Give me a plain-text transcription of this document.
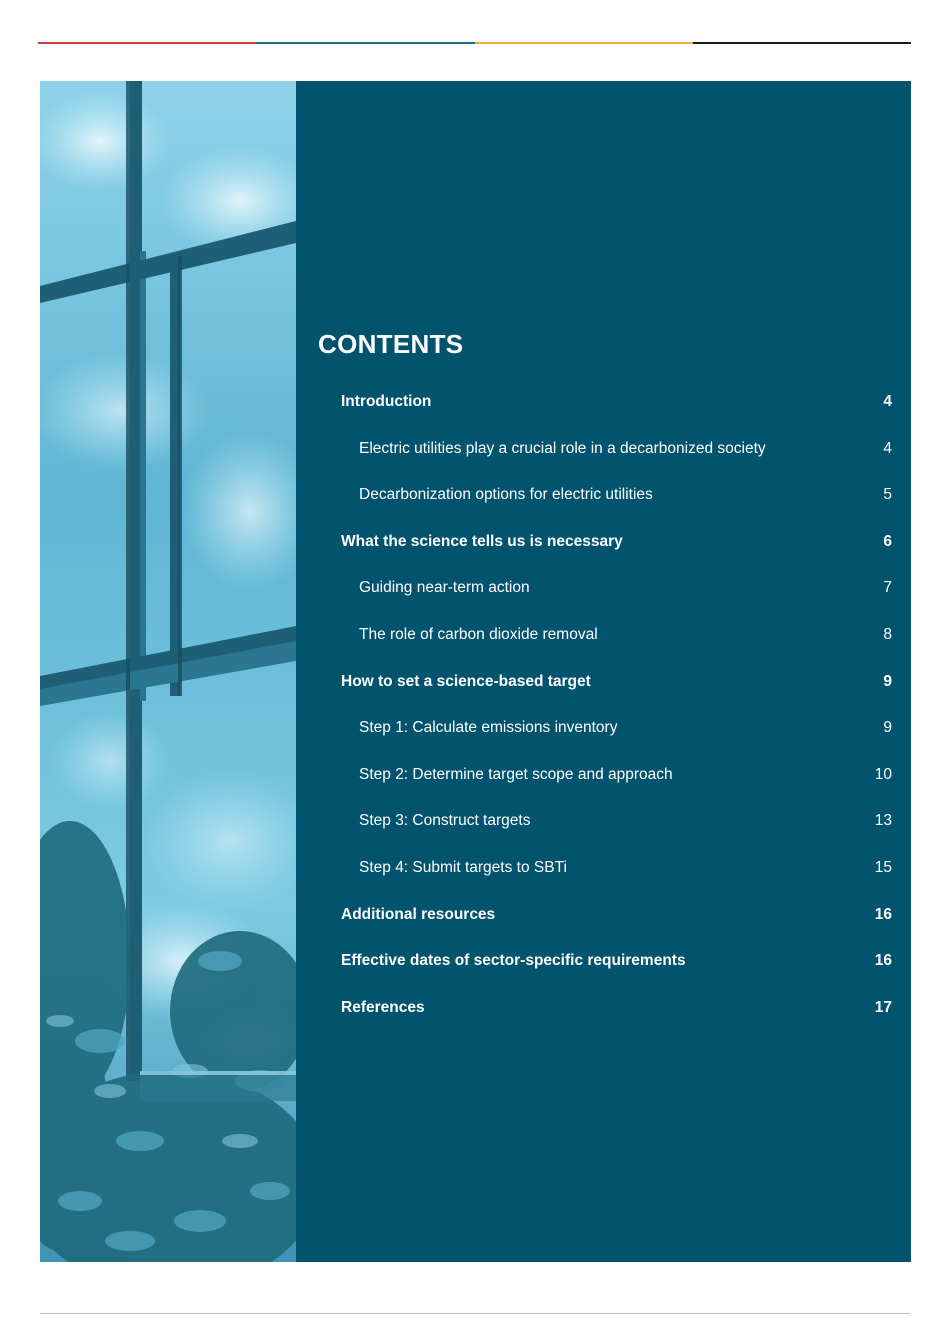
CONTENTS
Introduction	4
Electric utilities play a crucial role in a decarbonized society	4
Decarbonization options for electric utilities	5
What the science tells us is necessary	6
Guiding near-term action	7
The role of carbon dioxide removal	8
How to set a science-based target	9
Step 1: Calculate emissions inventory	9
Step 2: Determine target scope and approach	10
Step 3: Construct targets	13
Step 4: Submit targets to SBTi	15
Additional resources	16
Effective dates of sector-specific requirements	16
References	17
